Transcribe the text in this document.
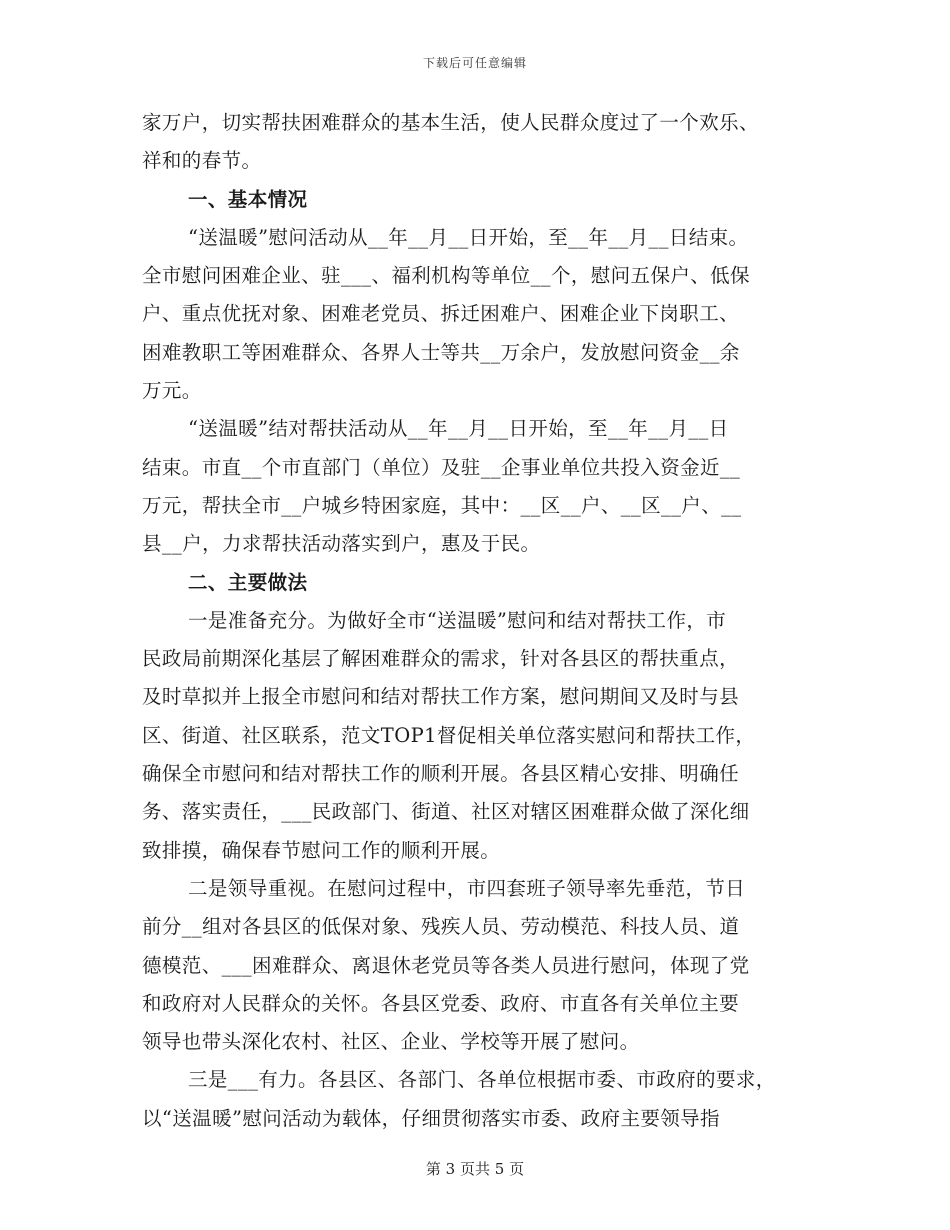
下载后可任意编辑
家万户，切实帮扶困难群众的基本生活，使人民群众度过了一个欢乐、
祥和的春节。
一、基本情况
“送温暖”慰问活动从__年__月__日开始，至__年__月__日结束。
全市慰问困难企业、驻___、福利机构等单位__个，慰问五保户、低保
户、重点优抚对象、困难老党员、拆迁困难户、困难企业下岗职工、
困难教职工等困难群众、各界人士等共__万余户，发放慰问资金__余
万元。
“送温暖”结对帮扶活动从__年__月__日开始，至__年__月__日
结束。市直__个市直部门（单位）及驻__企事业单位共投入资金近__
万元，帮扶全市__户城乡特困家庭，其中：__区__户、__区__户、__
县__户，力求帮扶活动落实到户，惠及于民。
二、主要做法
一是准备充分。为做好全市“送温暖”慰问和结对帮扶工作，市
民政局前期深化基层了解困难群众的需求，针对各县区的帮扶重点，
及时草拟并上报全市慰问和结对帮扶工作方案，慰问期间又及时与县
区、街道、社区联系，范文TOP1督促相关单位落实慰问和帮扶工作，
确保全市慰问和结对帮扶工作的顺利开展。各县区精心安排、明确任
务、落实责任，___民政部门、街道、社区对辖区困难群众做了深化细
致排摸，确保春节慰问工作的顺利开展。
二是领导重视。在慰问过程中，市四套班子领导率先垂范，节日
前分__组对各县区的低保对象、残疾人员、劳动模范、科技人员、道
德模范、___困难群众、离退休老党员等各类人员进行慰问，体现了党
和政府对人民群众的关怀。各县区党委、政府、市直各有关单位主要
领导也带头深化农村、社区、企业、学校等开展了慰问。
三是___有力。各县区、各部门、各单位根据市委、市政府的要求，
以“送温暖”慰问活动为载体，仔细贯彻落实市委、政府主要领导指
第 3 页共 5 页
